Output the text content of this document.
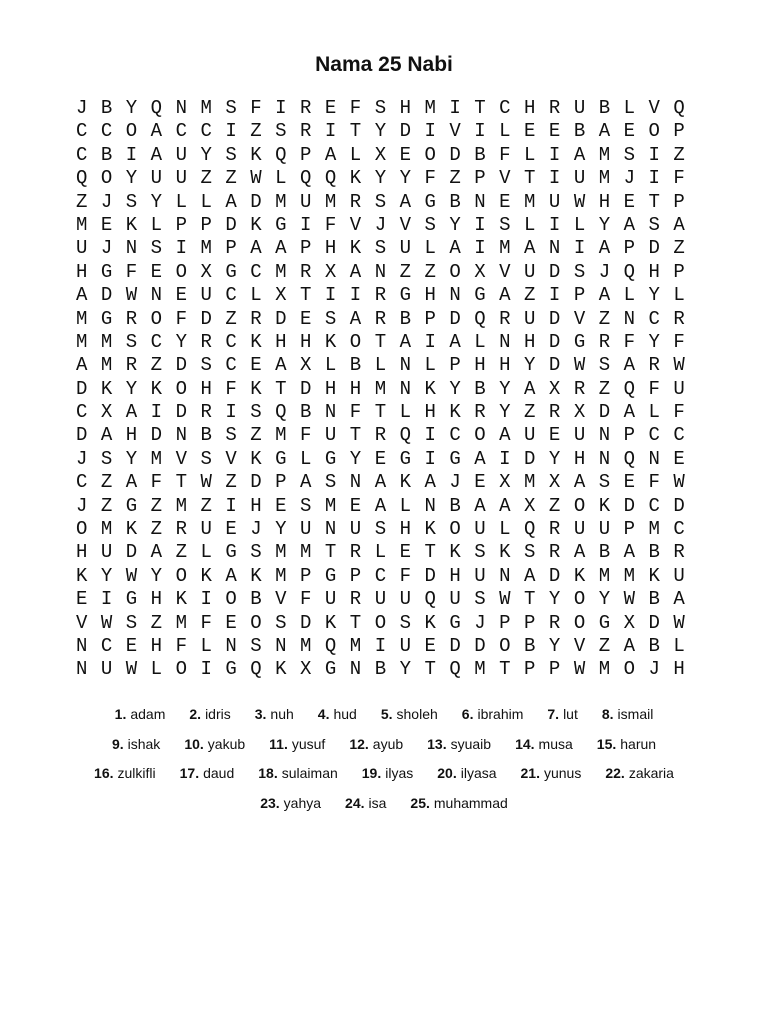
Nama 25 Nabi
J B Y Q N M S F I R E F S H M I T C H R U B L V Q
C C O A C C I Z S R I T Y D I V I L E E B A E O P
C B I A U Y S K Q P A L X E O D B F L I A M S I Z
Q O Y U U Z Z W L Q Q K Y Y F Z P V T I U M J I F
Z J S Y L L A D M U M R S A G B N E M U W H E T P
M E K L P P D K G I F V J V S Y I S L I L Y A S A
U J N S I M P A A P H K S U L A I M A N I A P D Z
H G F E O X G C M R X A N Z Z O X V U D S J Q H P
A D W N E U C L X T I I R G H N G A Z I P A L Y L
M G R O F D Z R D E S A R B P D Q R U D V Z N C R
M M S C Y R C K H H K O T A I A L N H D G R F Y F
A M R Z D S C E A X L B L N L P H H Y D W S A R W
D K Y K O H F K T D H H M N K Y B Y A X R Z Q F U
C X A I D R I S Q B N F T L H K R Y Z R X D A L F
D A H D N B S Z M F U T R Q I C O A U E U N P C C
J S Y M V S V K G L G Y E G I G A I D Y H N Q N E
C Z A F T W Z D P A S N A K A J E X M X A S E F W
J Z G Z M Z I H E S M E A L N B A A X Z O K D C D
O M K Z R U E J Y U N U S H K O U L Q R U U P M C
H U D A Z L G S M M T R L E T K S K S R A B A B R
K Y W Y O K A K M P G P C F D H U N A D K M M K U
E I G H K I O B V F U R U U Q U S W T Y O Y W B A
V W S Z M F E O S D K T O S K G J P P R O G X D W
N C E H F L N S N M Q M I U E D D O B Y V Z A B L
N U W L O I G Q K X G N B Y T Q M T P P W M O J H
1. adam 2. idris 3. nuh 4. hud 5. sholeh 6. ibrahim 7. lut 8. ismail
9. ishak 10. yakub 11. yusuf 12. ayub 13. syuaib 14. musa 15. harun
16. zulkifli 17. daud 18. sulaiman 19. ilyas 20. ilyasa 21. yunus 22. zakaria
23. yahya 24. isa 25. muhammad
